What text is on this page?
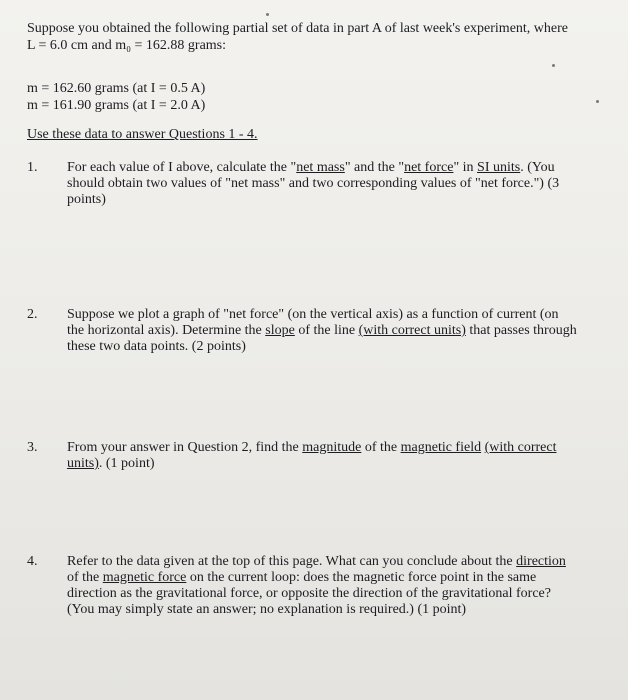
Suppose you obtained the following partial set of data in part A of last week's experiment, where
L = 6.0 cm and m₀ = 162.88 grams:
m = 162.60 grams (at I = 0.5 A)
m = 161.90 grams (at I = 2.0 A)
Use these data to answer Questions 1 - 4.
1.	For each value of I above, calculate the "net mass" and the "net force" in SI units. (You should obtain two values of "net mass" and two corresponding values of "net force.") (3 points)
2.	Suppose we plot a graph of "net force" (on the vertical axis) as a function of current (on the horizontal axis). Determine the slope of the line (with correct units) that passes through these two data points. (2 points)
3.	From your answer in Question 2, find the magnitude of the magnetic field (with correct units). (1 point)
4.	Refer to the data given at the top of this page. What can you conclude about the direction of the magnetic force on the current loop: does the magnetic force point in the same direction as the gravitational force, or opposite the direction of the gravitational force? (You may simply state an answer; no explanation is required.) (1 point)
